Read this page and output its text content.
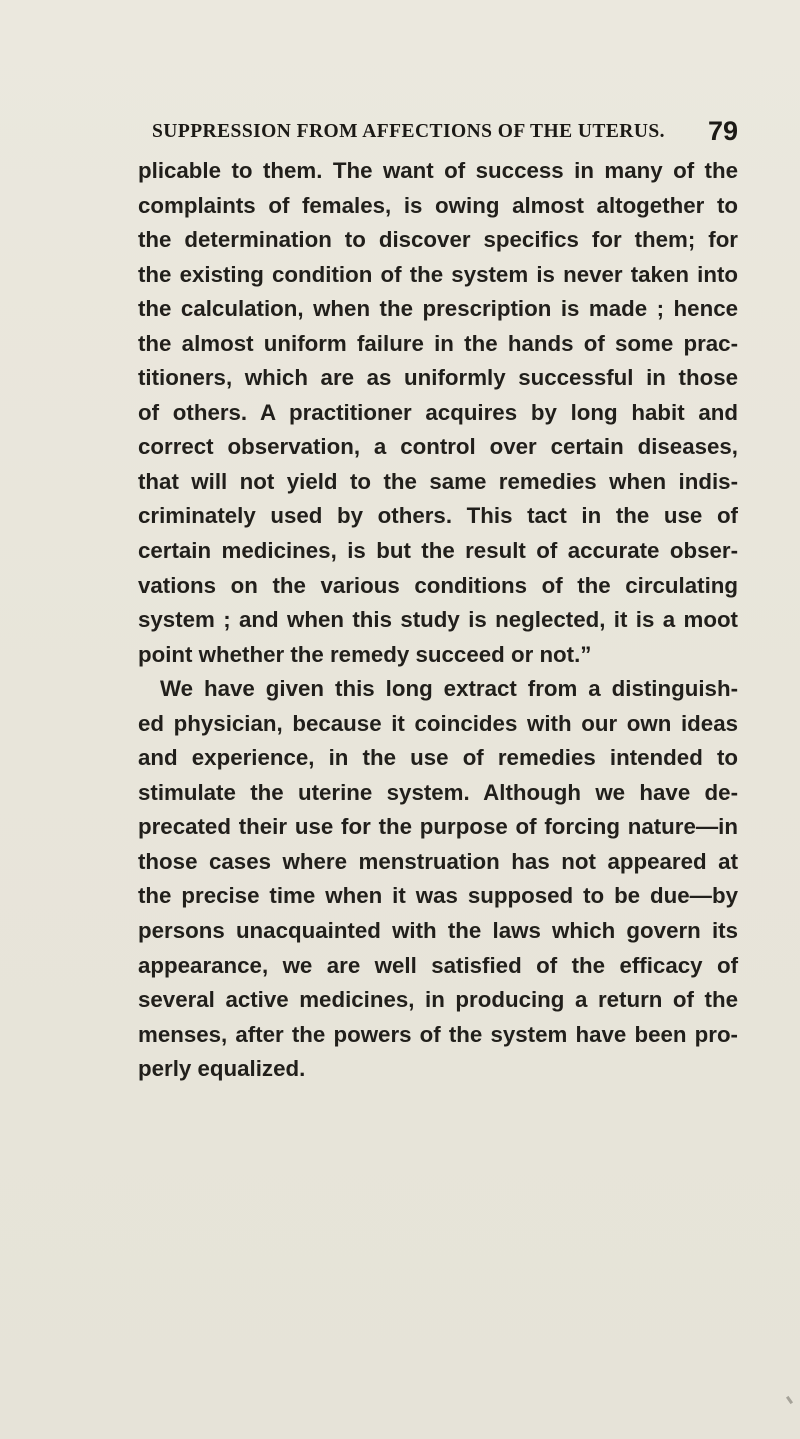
SUPPRESSION FROM AFFECTIONS OF THE UTERUS. 79
plicable to them. The want of success in many of the
complaints of females, is owing almost altogether to
the determination to discover specifics for them; for
the existing condition of the system is never taken into
the calculation, when the prescription is made ; hence
the almost uniform failure in the hands of some prac-
titioners, which are as uniformly successful in those
of others. A practitioner acquires by long habit and
correct observation, a control over certain diseases,
that will not yield to the same remedies when indis-
criminately used by others. This tact in the use of
certain medicines, is but the result of accurate obser-
vations on the various conditions of the circulating
system ; and when this study is neglected, it is a moot
point whether the remedy succeed or not.”
We have given this long extract from a distinguish-
ed physician, because it coincides with our own ideas
and experience, in the use of remedies intended to
stimulate the uterine system. Although we have de-
precated their use for the purpose of forcing nature—in
those cases where menstruation has not appeared at
the precise time when it was supposed to be due—by
persons unacquainted with the laws which govern its
appearance, we are well satisfied of the efficacy of
several active medicines, in producing a return of the
menses, after the powers of the system have been pro-
perly equalized.
